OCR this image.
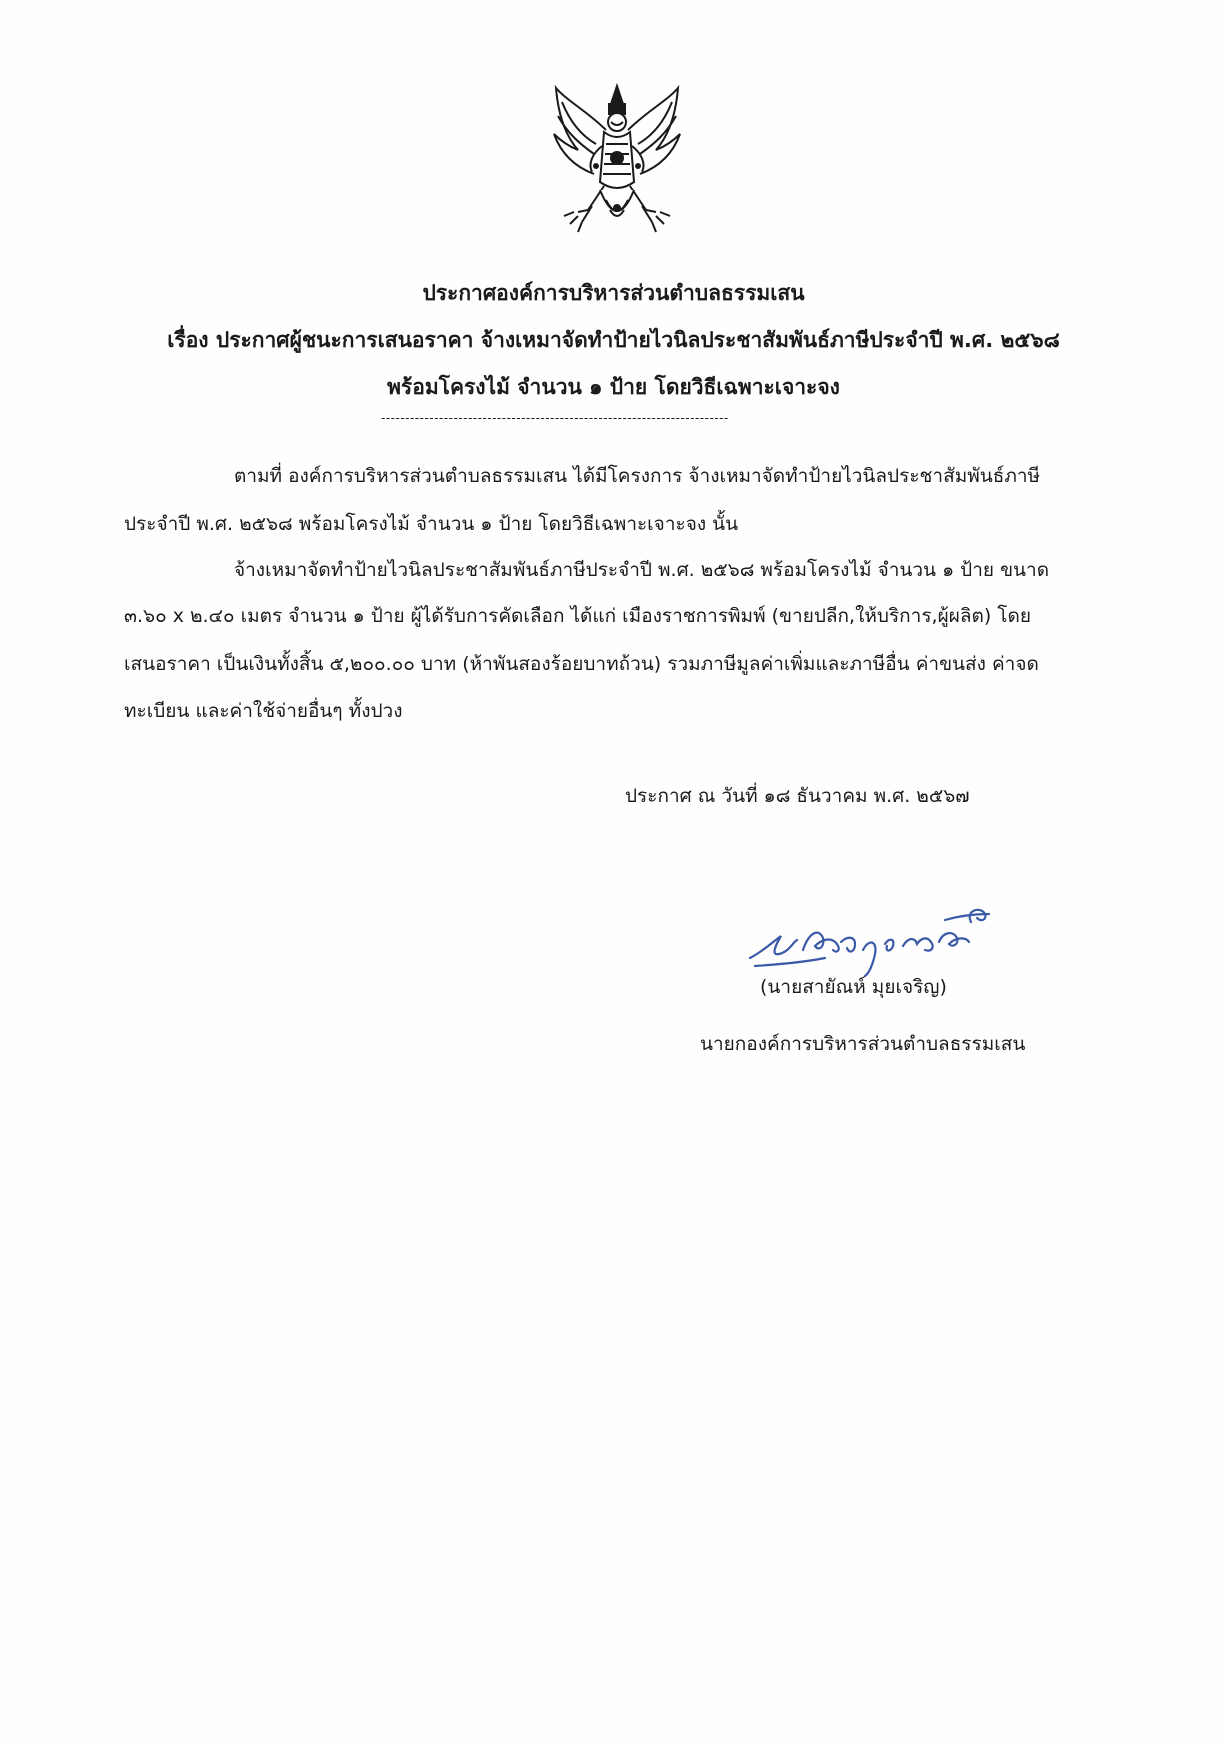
ประกาศองค์การบริหารส่วนตำบลธรรมเสน
เรื่อง ประกาศผู้ชนะการเสนอราคา จ้างเหมาจัดทำป้ายไวนิลประชาสัมพันธ์ภาษีประจำปี พ.ศ. ๒๕๖๘
พร้อมโครงไม้ จำนวน ๑ ป้าย โดยวิธีเฉพาะเจาะจง
------------------------------------------------------------------------
ตามที่ องค์การบริหารส่วนตำบลธรรมเสน ได้มีโครงการ จ้างเหมาจัดทำป้ายไวนิลประชาสัมพันธ์ภาษี
ประจำปี พ.ศ. ๒๕๖๘ พร้อมโครงไม้ จำนวน ๑ ป้าย โดยวิธีเฉพาะเจาะจง นั้น
จ้างเหมาจัดทำป้ายไวนิลประชาสัมพันธ์ภาษีประจำปี พ.ศ. ๒๕๖๘ พร้อมโครงไม้ จำนวน ๑ ป้าย ขนาด
๓.๖๐ x ๒.๔๐ เมตร จำนวน ๑ ป้าย ผู้ได้รับการคัดเลือก ได้แก่ เมืองราชการพิมพ์ (ขายปลีก,ให้บริการ,ผู้ผลิต) โดย
เสนอราคา เป็นเงินทั้งสิ้น ๕,๒๐๐.๐๐ บาท (ห้าพันสองร้อยบาทถ้วน) รวมภาษีมูลค่าเพิ่มและภาษีอื่น ค่าขนส่ง ค่าจด
ทะเบียน และค่าใช้จ่ายอื่นๆ ทั้งปวง
ประกาศ ณ วันที่ ๑๘ ธันวาคม พ.ศ. ๒๕๖๗
(นายสายัณห์ มุยเจริญ)
นายกองค์การบริหารส่วนตำบลธรรมเสน
